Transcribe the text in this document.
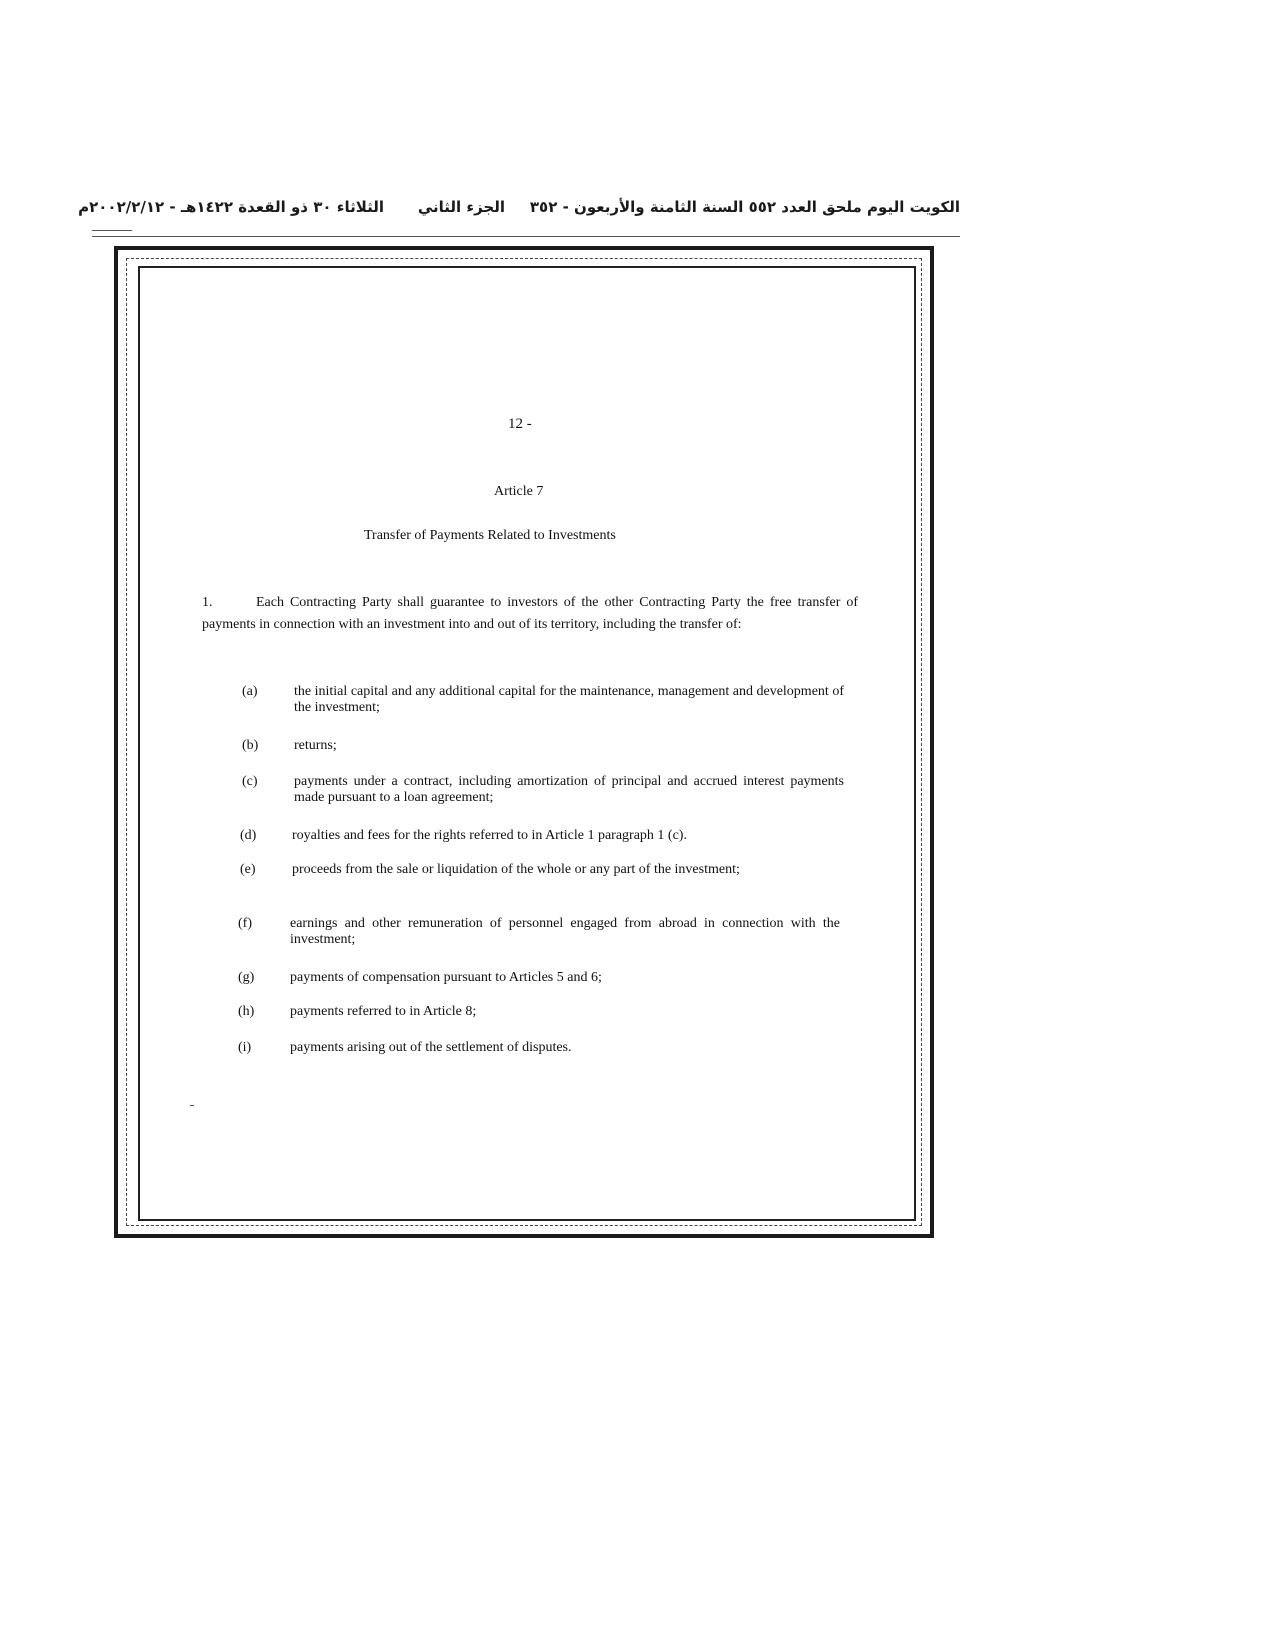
الكويت اليوم ملحق العدد ٥٥٢ السنة الثامنة والأربعون - ٣٥٢
الجزء الثاني
الثلاثاء ٣٠ ذو القعدة ١٤٢٢هـ - ٢٠٠٢/٢/١٢م
12 -
Article 7
Transfer of Payments Related to Investments
1.	Each Contracting Party shall guarantee to investors of the other Contracting Party the free transfer of payments in connection with an investment into and out of its territory, including the transfer of:
(a)	the initial capital and any additional capital for the maintenance, management and development of the investment;
(b)	returns;
(c)	payments under a contract, including amortization of principal and accrued interest payments made pursuant to a loan agreement;
(d)	royalties and fees for the rights referred to in Article 1 paragraph 1 (c).
(e)	proceeds from the sale or liquidation of the whole or any part of the investment;
(f)	earnings and other remuneration of personnel engaged from abroad in connection with the investment;
(g)	payments of compensation pursuant to Articles 5 and 6;
(h)	payments referred to in Article 8;
(i)	payments arising out of the settlement of disputes.
